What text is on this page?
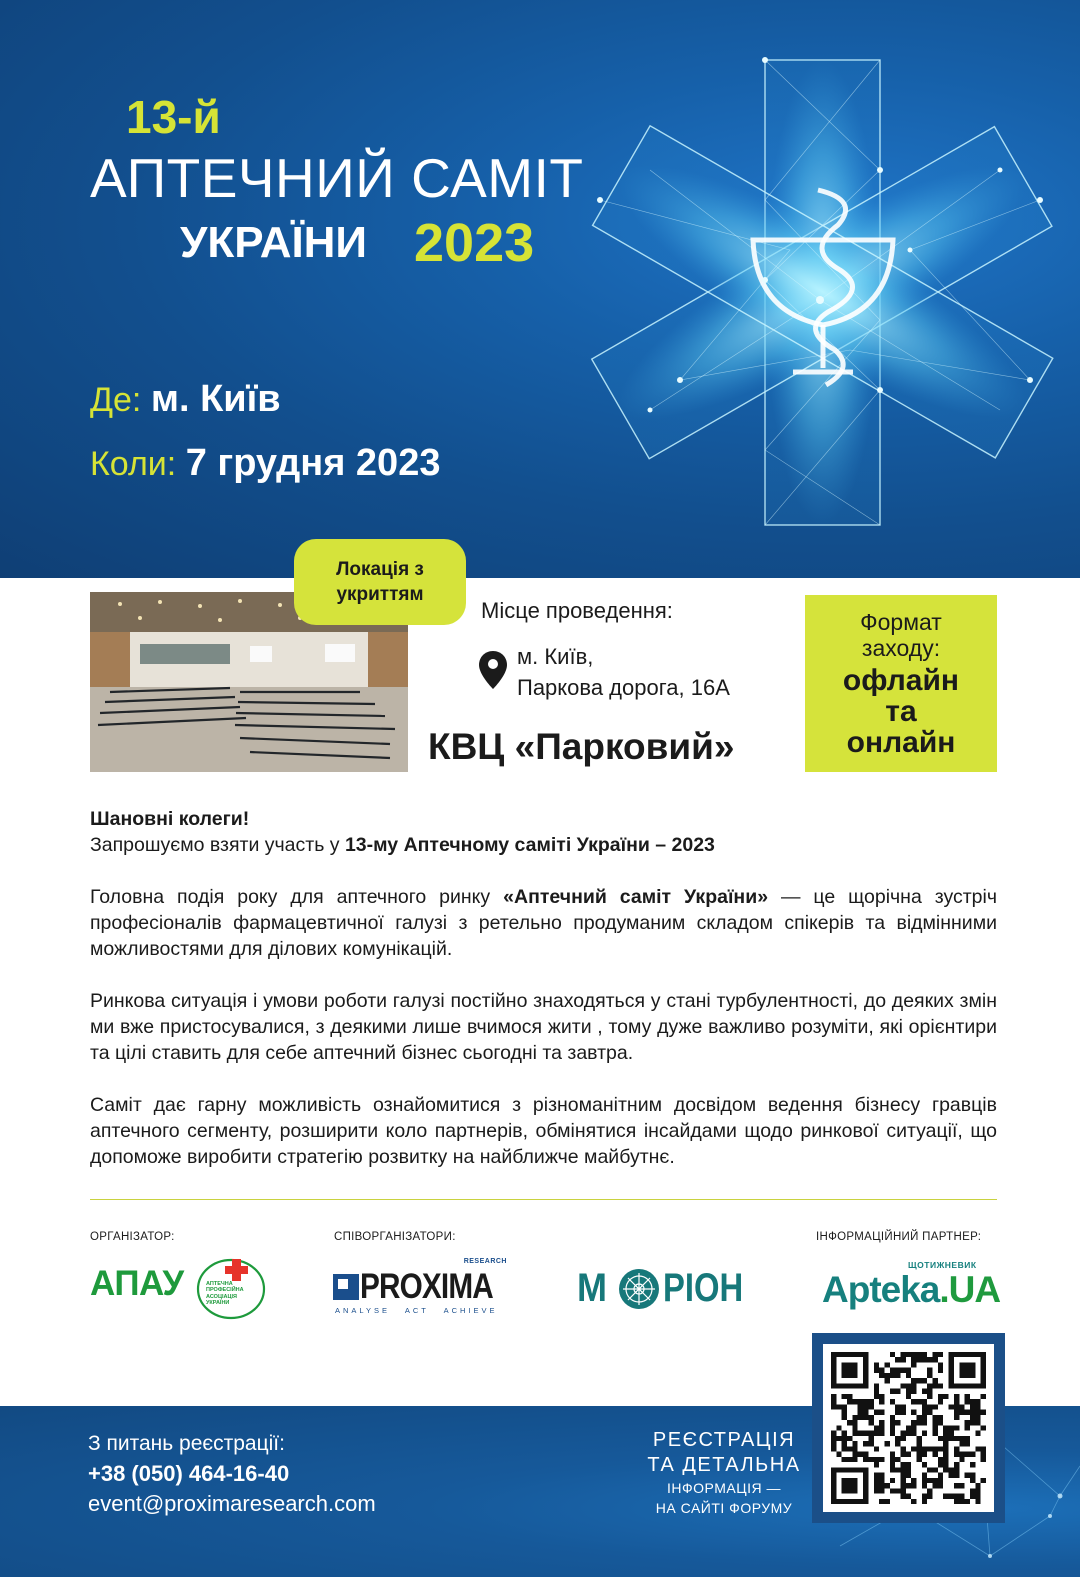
13-й
АПТЕЧНИЙ САМІТ
УКРАЇНИ 2023
Де: м. Київ
Коли: 7 грудня 2023
Локація з укриттям
Місце проведення:
м. Київ,
Паркова дорога, 16А
КВЦ «Парковий»
Формат
заходу:
офлайн
та
онлайн

Шановні колеги!
Запрошуємо взяти участь у 13-му Аптечному саміті України – 2023

Головна подія року для аптечного ринку «Аптечний саміт України» — це щорічна зустріч професіоналів фармацевтичної галузі з ретельно продуманим складом спікерів та відмінними можливостями для ділових комунікацій.

Ринкова ситуація і умови роботи галузі постійно знаходяться у стані турбулентності, до деяких змін ми вже пристосувалися, з деякими лише вчимося жити , тому дуже важливо розуміти, які орієнтири та цілі ставить для себе аптечний бізнес сьогодні та завтра.

Саміт дає гарну можливість ознайомитися з різноманітним досвідом ведення бізнесу гравців аптечного сегменту, розширити коло партнерів, обмінятися інсайдами щодо ринкової ситуації, що допоможе виробити стратегію розвитку на найближче майбутнє.

ОРГАНІЗАТОР:	СПІВОРГАНІЗАТОРИ:	ІНФОРМАЦІЙНИЙ ПАРТНЕР:
АПАУ	АПТЕЧНА
ПРОФЕСІЙНА
АСОЦІАЦІЯ
УКРАЇНИ
RESEARCH
PROXIMA
ANALYSE   ACT   ACHIEVE
М РІОН
ЩОТИЖНЕВИК
Apteka.UA
З питань реєстрації:
+38 (050) 464-16-40
event@proximaresearch.com
РЕЄСТРАЦІЯ
ТА ДЕТАЛЬНА
ІНФОРМАЦІЯ —
НА САЙТІ ФОРУМУ
